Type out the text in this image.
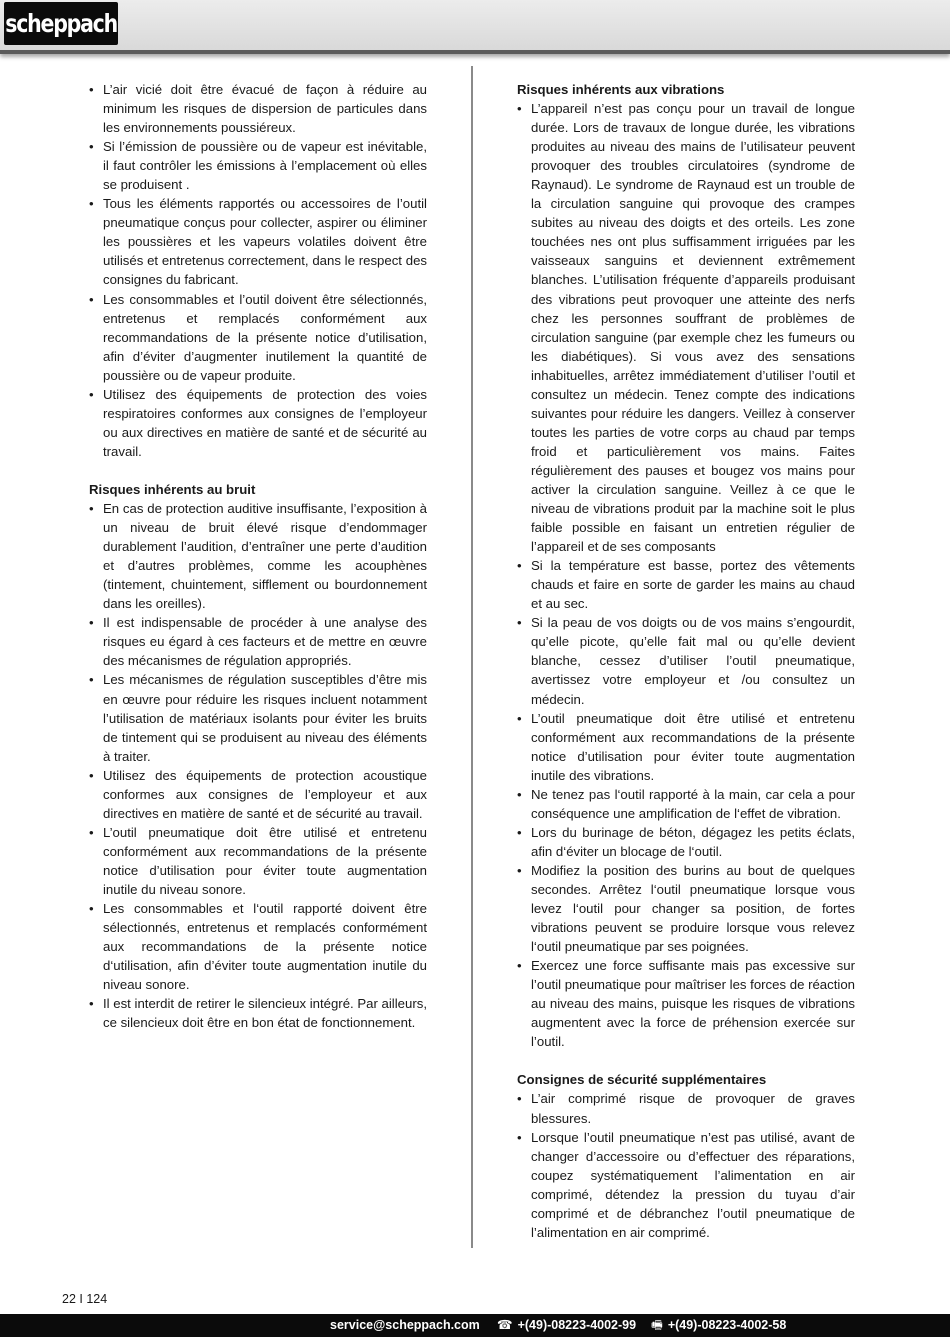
scheppach
• L’air vicié doit être évacué de façon à réduire au minimum les risques de dispersion de particules dans les environnements poussiéreux.
• Si l’émission de poussière ou de vapeur est inévitable, il faut contrôler les émissions à l’emplacement où elles se produisent .
• Tous les éléments rapportés ou accessoires de l’outil pneumatique conçus pour collecter, aspirer ou éliminer les poussières et les vapeurs volatiles doivent être utilisés et entretenus correctement, dans le respect des consignes du fabricant.
• Les consommables et l’outil doivent être sélectionnés, entretenus et remplacés conformément aux recommandations de la présente notice d’utilisation, afin d’éviter d’augmenter inutilement la quantité de poussière ou de vapeur produite.
• Utilisez des équipements de protection des voies respiratoires conformes aux consignes de l’employeur ou aux directives en matière de santé et de sécurité au travail.
Risques inhérents au bruit
• En cas de protection auditive insuffisante, l’exposition à un niveau de bruit élevé risque d’endommager durablement l’audition, d’entraîner une perte d’audition et d’autres problèmes, comme les acouphènes (tintement, chuintement, sifflement ou bourdonnement dans les oreilles).
• Il est indispensable de procéder à une analyse des risques eu égard à ces facteurs et de mettre en œuvre des mécanismes de régulation appropriés.
• Les mécanismes de régulation susceptibles d’être mis en œuvre pour réduire les risques incluent notamment l’utilisation de matériaux isolants pour éviter les bruits de tintement qui se produisent au niveau des éléments à traiter.
• Utilisez des équipements de protection acoustique conformes aux consignes de l’employeur et aux directives en matière de santé et de sécurité au travail.
• L’outil pneumatique doit être utilisé et entretenu conformément aux recommandations de la présente notice d’utilisation pour éviter toute augmentation inutile du niveau sonore.
• Les consommables et l‘outil rapporté doivent être sélectionnés, entretenus et remplacés conformément aux recommandations de la présente notice d‘utilisation, afin d’éviter toute augmentation inutile du niveau sonore.
• Il est interdit de retirer le silencieux intégré. Par ailleurs, ce silencieux doit être en bon état de fonctionnement.
Risques inhérents aux vibrations
• L’appareil n’est pas conçu pour un travail de longue durée. Lors de travaux de longue durée, les vibrations produites au niveau des mains de l’utilisateur peuvent provoquer des troubles circulatoires (syndrome de Raynaud). Le syndrome de Raynaud est un trouble de la circulation sanguine qui provoque des crampes subites au niveau des doigts et des orteils. Les zone touchées nes ont plus suffisamment irriguées par les vaisseaux sanguins et deviennent extrêmement blanches. L’utilisation fréquente d’appareils produisant des vibrations peut provoquer une atteinte des nerfs chez les personnes souffrant de problèmes de circulation sanguine (par exemple chez les fumeurs ou les diabétiques). Si vous avez des sensations inhabituelles, arrêtez immédiatement d’utiliser l’outil et consultez un médecin. Tenez compte des indications suivantes pour réduire les dangers. Veillez à conserver toutes les parties de votre corps au chaud par temps froid et particulièrement vos mains. Faites régulièrement des pauses et bougez vos mains pour activer la circulation sanguine. Veillez à ce que le niveau de vibrations produit par la machine soit le plus faible possible en faisant un entretien régulier de l’appareil et de ses composants
• Si la température est basse, portez des vêtements chauds et faire en sorte de garder les mains au chaud et au sec.
• Si la peau de vos doigts ou de vos mains s’engourdit, qu’elle picote, qu’elle fait mal ou qu’elle devient blanche, cessez d’utiliser l’outil pneumatique, avertissez votre employeur et /ou consultez un médecin.
• L’outil pneumatique doit être utilisé et entretenu conformément aux recommandations de la présente notice d’utilisation pour éviter toute augmentation inutile des vibrations.
• Ne tenez pas l‘outil rapporté à la main, car cela a pour conséquence une amplification de l‘effet de vibration.
• Lors du burinage de béton, dégagez les petits éclats, afin d‘éviter un blocage de l‘outil.
• Modifiez la position des burins au bout de quelques secondes. Arrêtez l‘outil pneumatique lorsque vous levez l‘outil pour changer sa position, de fortes vibrations peuvent se produire lorsque vous relevez l‘outil pneumatique par ses poignées.
• Exercez une force suffisante mais pas excessive sur l’outil pneumatique pour maîtriser les forces de réaction au niveau des mains, puisque les risques de vibrations augmentent avec la force de préhension exercée sur l’outil.
Consignes de sécurité supplémentaires
• L’air comprimé risque de provoquer de graves blessures.
• Lorsque l’outil pneumatique n’est pas utilisé, avant de changer d’accessoire ou d’effectuer des réparations, coupez systématiquement l’alimentation en air comprimé, détendez la pression du tuyau d’air comprimé et de débranchez l’outil pneumatique de l’alimentation en air comprimé.
22 I 124
service@scheppach.com ☎ +(49)-08223-4002-99 🖷 +(49)-08223-4002-58
